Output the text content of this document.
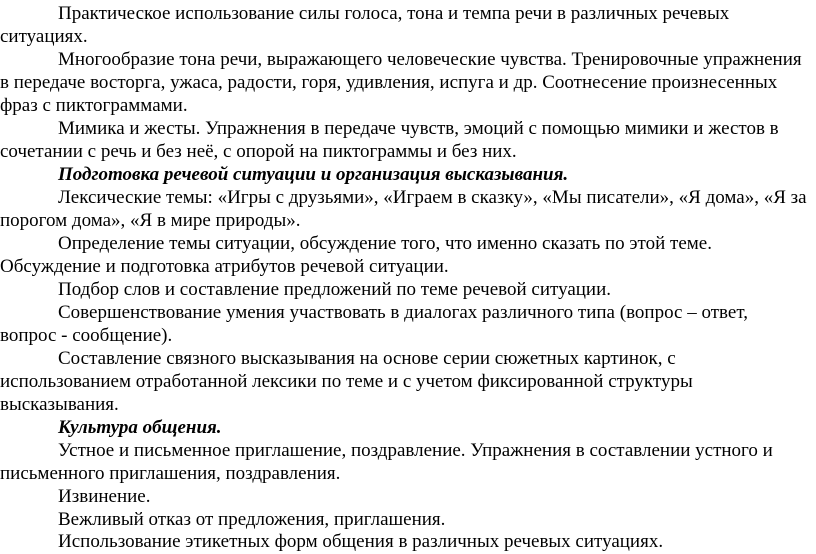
Практическое использование силы голоса, тона и темпа речи в различных речевых
ситуациях.
Многообразие тона речи, выражающего человеческие чувства. Тренировочные упражнения
в передаче восторга, ужаса, радости, горя, удивления, испуга и др. Соотнесение произнесенных
фраз с пиктограммами.
Мимика и жесты. Упражнения в передаче чувств, эмоций с помощью мимики и жестов в
сочетании с речь и без неё, с опорой на пиктограммы и без них.
Подготовка речевой ситуации и организация высказывания.
Лексические темы: «Игры с друзьями», «Играем в сказку», «Мы писатели», «Я дома», «Я за
порогом дома», «Я в мире природы».
Определение темы ситуации, обсуждение того, что именно сказать по этой теме.
Обсуждение и подготовка атрибутов речевой ситуации.
Подбор слов и составление предложений по теме речевой ситуации.
Совершенствование умения участвовать в диалогах различного типа (вопрос – ответ,
вопрос - сообщение).
Составление связного высказывания на основе серии сюжетных картинок, с
использованием отработанной лексики по теме и с учетом фиксированной структуры
высказывания.
Культура общения.
Устное и письменное приглашение, поздравление. Упражнения в составлении устного и
письменного приглашения, поздравления.
Извинение.
Вежливый отказ от предложения, приглашения.
Использование этикетных форм общения в различных речевых ситуациях.
